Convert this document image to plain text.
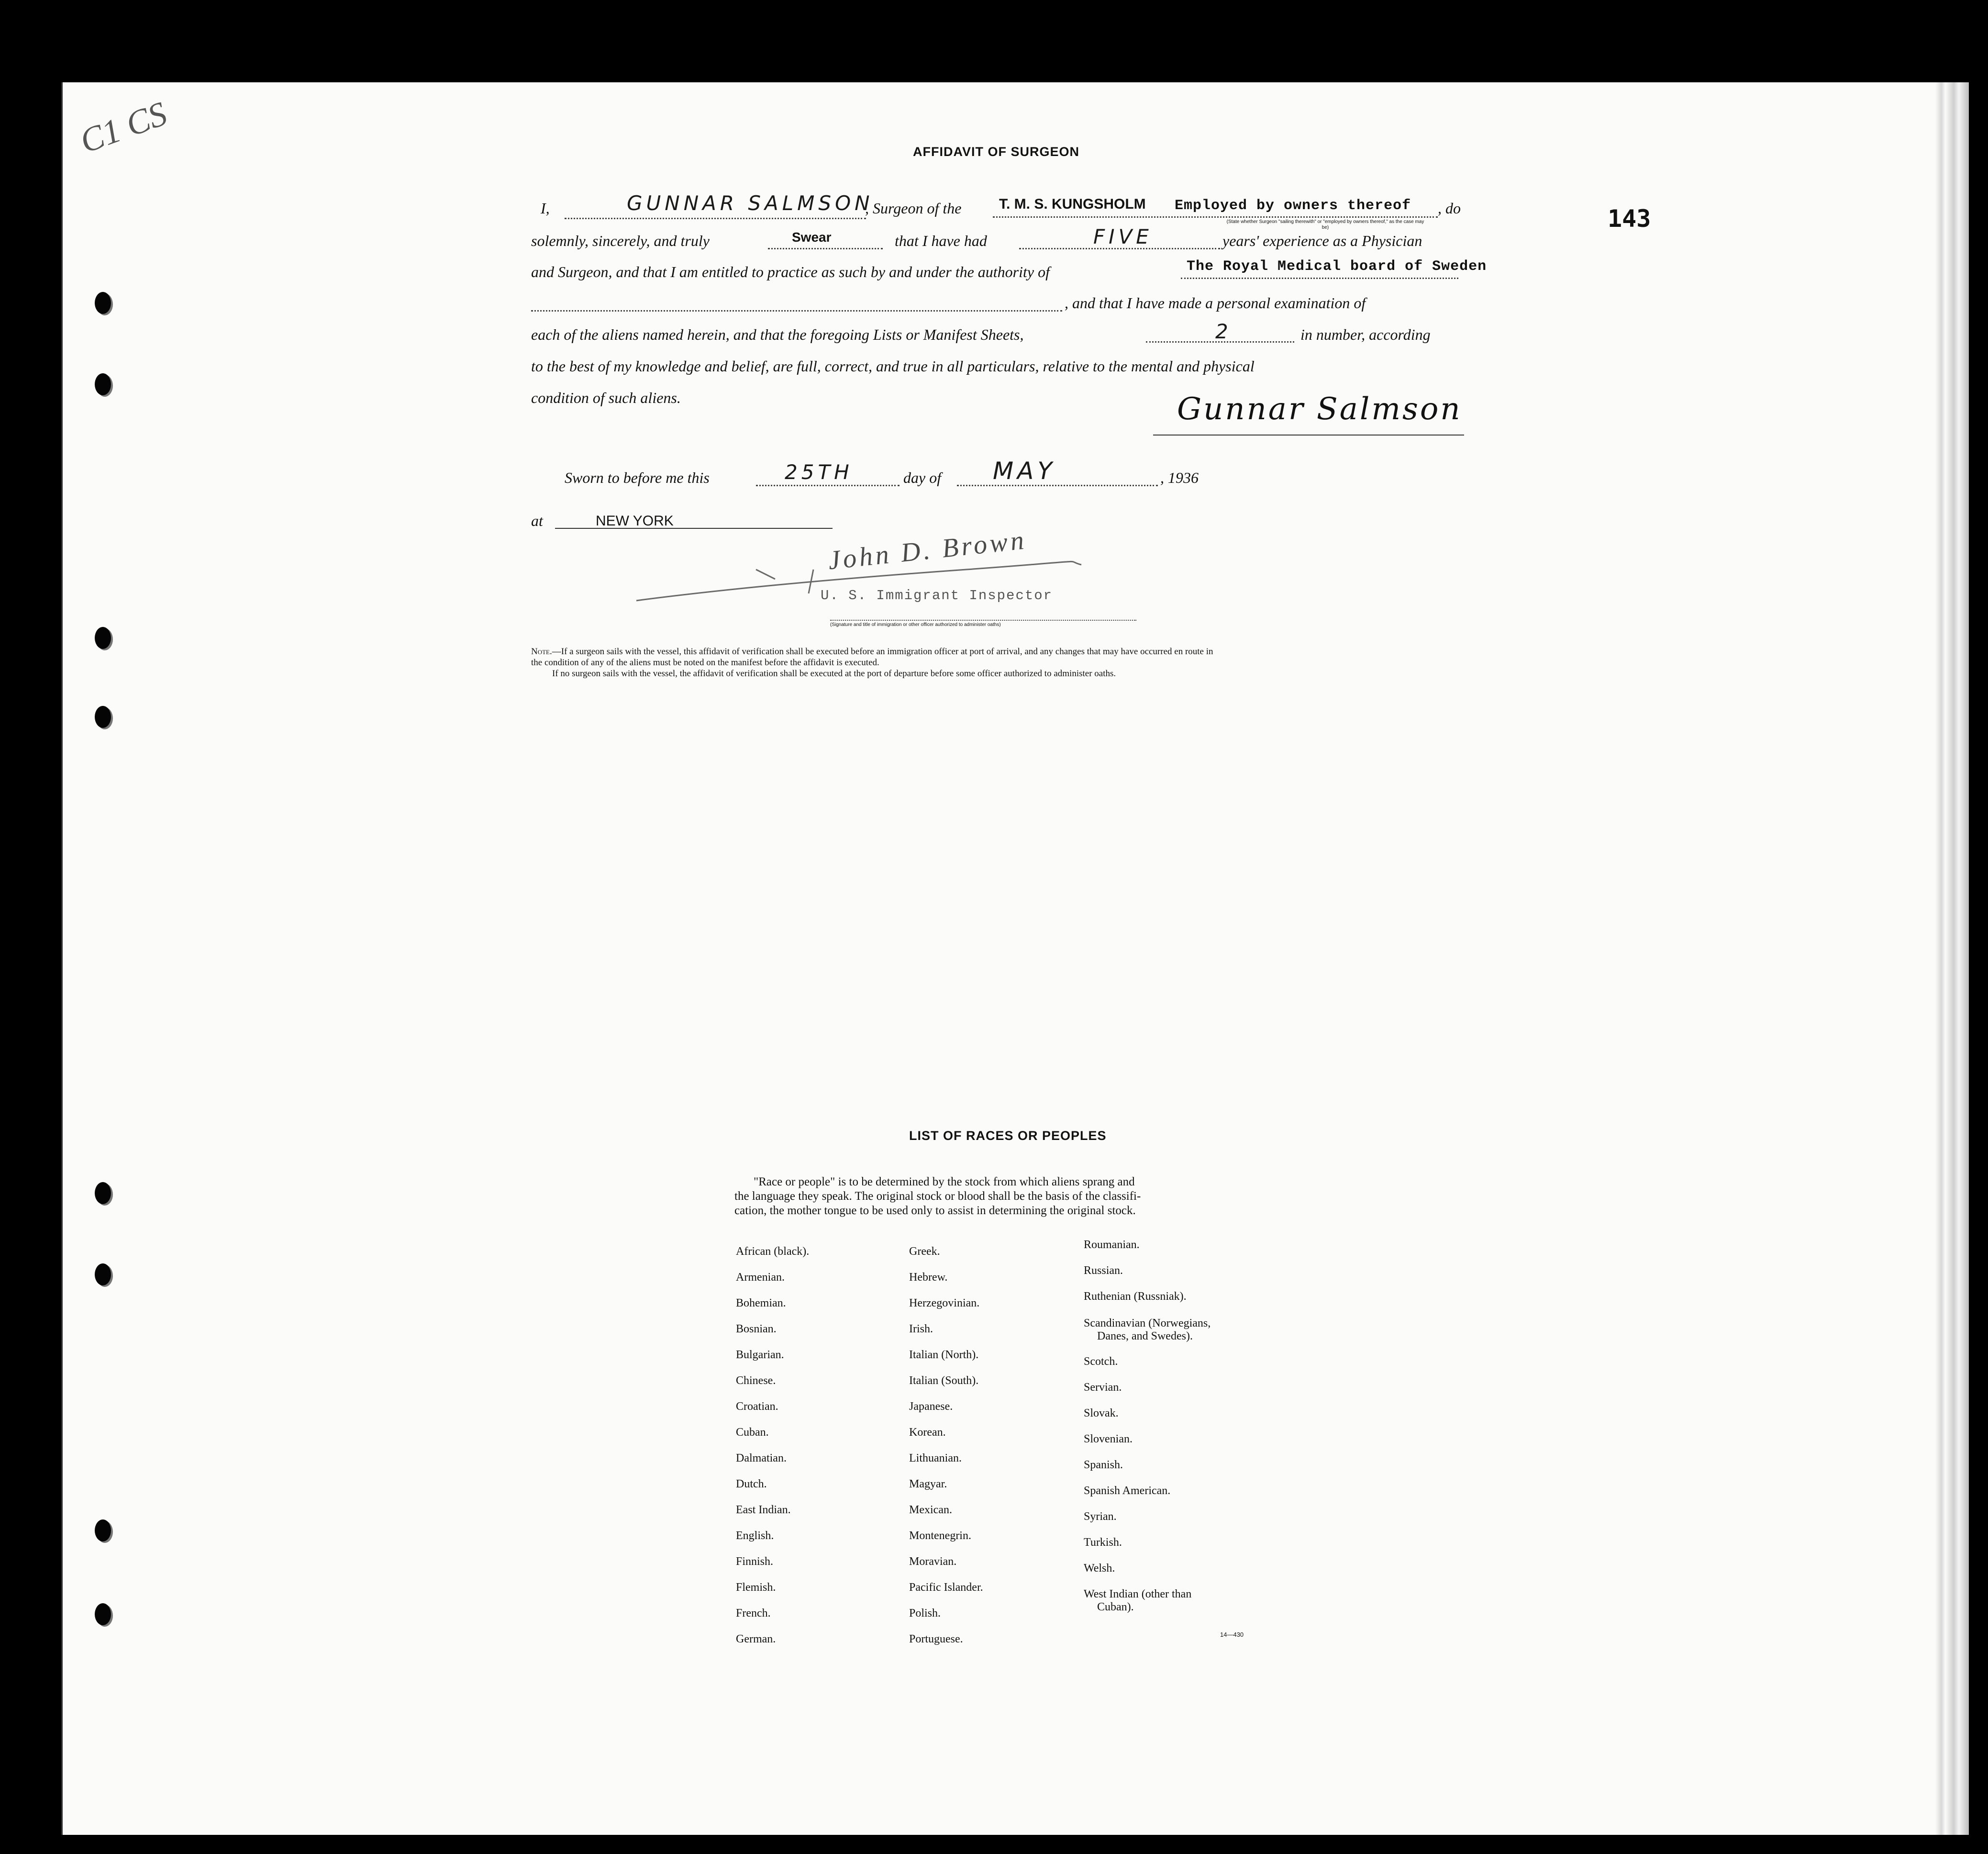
C1 CS
143
AFFIDAVIT OF SURGEON
I,	GUNNAR SALMSON
, Surgeon of the	T. M. S. KUNGSHOLM Employed by owners thereof , do
(State whether Surgeon "sailing therewith" or "employed by owners thereof," as the case may be)
solemnly, sincerely, and truly	Swear	that I have had	FIVE	years' experience as a Physician
and Surgeon, and that I am entitled to practice as such by and under the authority of	The Royal Medical board of Sweden
, and that I have made a personal examination of
each of the aliens named herein, and that the foregoing Lists or Manifest Sheets,	2	in number, according
to the best of my knowledge and belief, are full, correct, and true in all particulars, relative to the mental and physical
condition of such aliens.	Gunnar Salmson
Sworn to before me this	25TH	day of MAY	, 1936
at	NEW YORK
John D. Brown
U. S. Immigrant Inspector
(Signature and title of immigration or other officer authorized to administer oaths)
Note.—If a surgeon sails with the vessel, this affidavit of verification shall be executed before an immigration officer at port of arrival, and any changes that may have occurred en route in
the condition of any of the aliens must be noted on the manifest before the affidavit is executed.
If no surgeon sails with the vessel, the affidavit of verification shall be executed at the port of departure before some officer authorized to administer oaths.
LIST OF RACES OR PEOPLES
"Race or people" is to be determined by the stock from which aliens sprang and
the language they speak. The original stock or blood shall be the basis of the classifi-
cation, the mother tongue to be used only to assist in determining the original stock.
African (black).
Armenian.
Bohemian.
Bosnian.
Bulgarian.
Chinese.
Croatian.
Cuban.
Dalmatian.
Dutch.
East Indian.
English.
Finnish.
Flemish.
French.
German.
Greek.
Hebrew.
Herzegovinian.
Irish.
Italian (North).
Italian (South).
Japanese.
Korean.
Lithuanian.
Magyar.
Mexican.
Montenegrin.
Moravian.
Pacific Islander.
Polish.
Portuguese.
Roumanian.
Russian.
Ruthenian (Russniak).
Scandinavian (Norwegians,
Danes, and Swedes).
Scotch.
Servian.
Slovak.
Slovenian.
Spanish.
Spanish American.
Syrian.
Turkish.
Welsh.
West Indian (other than
Cuban).
14—430
